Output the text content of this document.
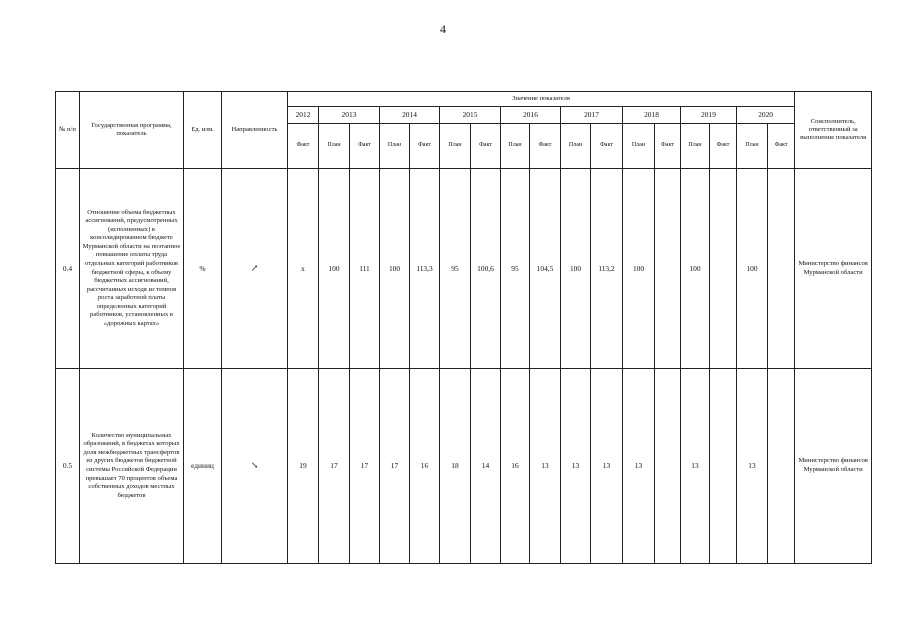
4
№ п/п	Государственная программа, показатель	Ед. изм.	Направленность	Значение показателя																	Соисполнитель, ответственный за выполнение показателя
				2012	2013		2014		2015		2016		2017		2018		2019		2020		
				Факт	План	Факт	План	Факт	План	Факт	План	Факт	План	Факт	План	Факт	План	Факт	План	Факт	
0.4	Отношение объема бюджетных ассигнований, предусмотренных (исполненных) в консолидированном бюджете Мурманской области на поэтапное повышение оплаты труда отдельных категорий работников бюджетной сферы, к объему бюджетных ассигнований, рассчитанных исходя из темпов роста заработной платы определенных категорий работников, установленных в «дорожных картах»	%	↗	x	100	111	100	113,3	95	100,6	95	104,5	100	113,2	100		100		100		Министерство финансов Мурманской области
0.5	Количество муниципальных образований, в бюджетах которых доля межбюджетных трансфертов из других бюджетов бюджетной системы Российской Федерации превышает 70 процентов объема собственных доходов местных бюджетов	единиц	↘	19	17	17	17	16	18	14	16	13	13	13	13		13		13		Министерство финансов Мурманской области
